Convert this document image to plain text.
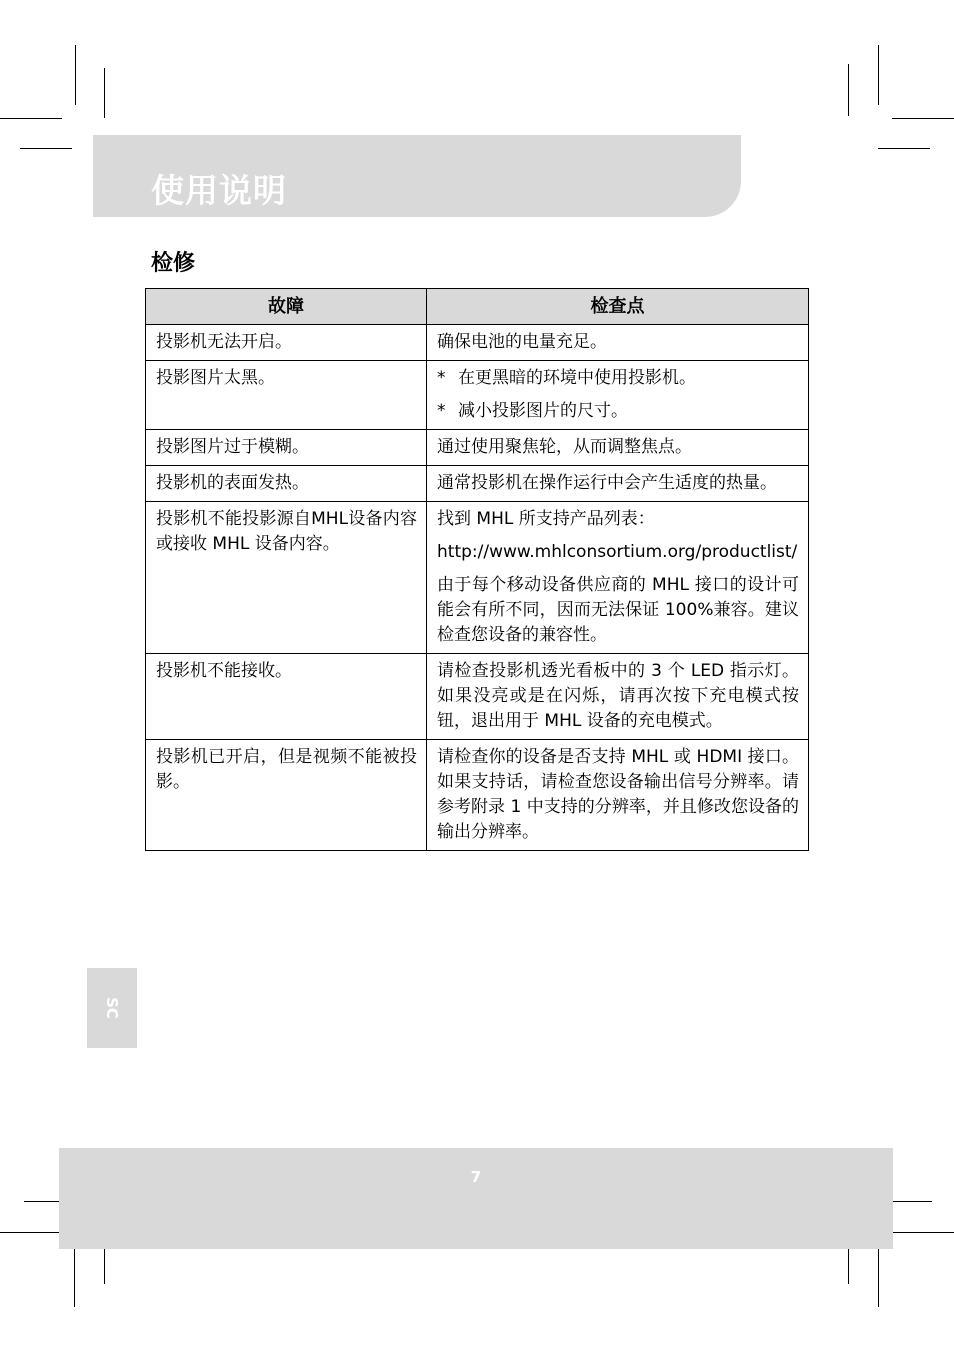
使用说明
检修
故障	检查点
投影机无法开启。	确保电池的电量充足。

投影图片太黑。	* 在更黑暗的环境中使用投影机。
* 减小投影图片的尺寸。

投影图片过于模糊。	通过使用聚焦轮，从而调整焦点。

投影机的表面发热。	通常投影机在操作运行中会产生适度的热量。

投影机不能投影源自MHL设备内容或接收 MHL 设备内容。	找到 MHL 所支持产品列表：
http://www.mhlconsortium.org/productlist/
由于每个移动设备供应商的 MHL 接口的设计可能会有所不同，因而无法保证 100%兼容。建议检查您设备的兼容性。

投影机不能接收。	请检查投影机透光看板中的 3 个 LED 指示灯。如果没亮或是在闪烁，请再次按下充电模式按钮，退出用于 MHL 设备的充电模式。

投影机已开启，但是视频不能被投影。	请检查你的设备是否支持 MHL 或 HDMI 接口。如果支持话，请检查您设备输出信号分辨率。请参考附录 1 中支持的分辨率，并且修改您设备的输出分辨率。
SC
7
